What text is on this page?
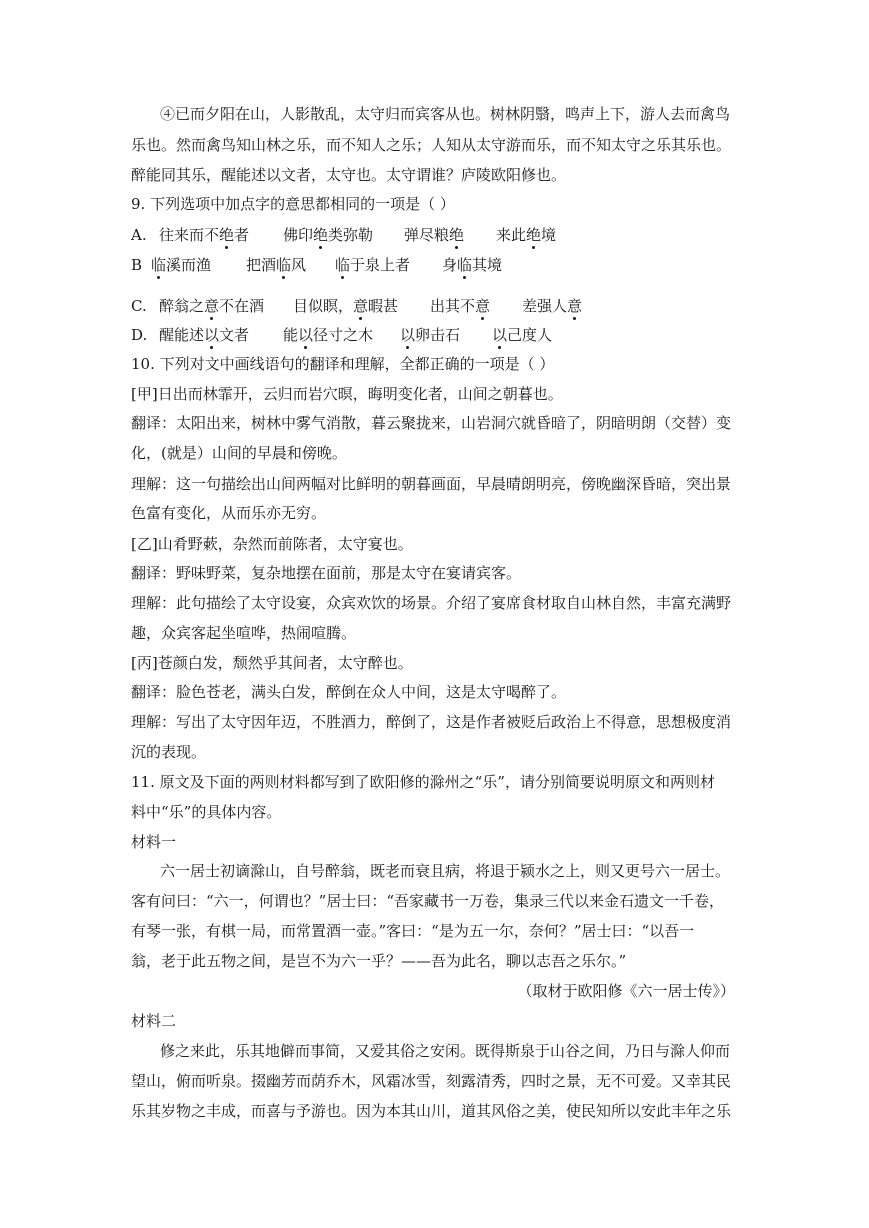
④已而夕阳在山，人影散乱，太守归而宾客从也。树林阴翳，鸣声上下，游人去而禽鸟

乐也。然而禽鸟知山林之乐，而不知人之乐；人知从太守游而乐，而不知太守之乐其乐也。

醉能同其乐，醒能述以文者，太守也。太守谓谁？庐陵欧阳修也。

9. 下列选项中加点字的意思都相同的一项是（ ）

A. 往来而不绝者	佛印绝类弥勒	弹尽粮绝	来此绝境
B 临溪而渔	把酒临风	临于泉上者	身临其境
C. 醉翁之意不在酒	目似瞑，意暇甚	出其不意	差强人意
D. 醒能述以文者	能以径寸之木	以卵击石	以己度人

10. 下列对文中画线语句的翻译和理解，全都正确的一项是（ ）

[甲]日出而林霏开，云归而岩穴暝，晦明变化者，山间之朝暮也。

翻译：太阳出来，树林中雾气消散，暮云聚拢来，山岩洞穴就昏暗了，阴暗明朗（交替）变

化，(就是）山间的早晨和傍晚。

理解：这一句描绘出山间两幅对比鲜明的朝暮画面，早晨晴朗明亮，傍晚幽深昏暗，突出景

色富有变化，从而乐亦无穷。

[乙]山肴野蔌，杂然而前陈者，太守宴也。

翻译：野味野菜，复杂地摆在面前，那是太守在宴请宾客。

理解：此句描绘了太守设宴，众宾欢饮的场景。介绍了宴席食材取自山林自然，丰富充满野

趣，众宾客起坐喧哗，热闹喧腾。

[丙]苍颜白发，颓然乎其间者，太守醉也。

翻译：脸色苍老，满头白发，醉倒在众人中间，这是太守喝醉了。

理解：写出了太守因年迈，不胜酒力，醉倒了，这是作者被贬后政治上不得意，思想极度消

沉的表现。

11. 原文及下面的两则材料都写到了欧阳修的滁州之“乐”，请分别简要说明原文和两则材

料中“乐”的具体内容。

材料一

六一居士初谪滁山，自号醉翁，既老而衰且病，将退于颍水之上，则又更号六一居士。

客有问曰：“六一，何谓也？”居士曰：“吾家藏书一万卷，集录三代以来金石遗文一千卷，

有琴一张，有棋一局，而常置酒一壶。”客曰：“是为五一尔，奈何？”居士曰：“以吾一

翁，老于此五物之间，是岂不为六一乎？——吾为此名，聊以志吾之乐尔。”

（取材于欧阳修《六一居士传》）

材料二

修之来此，乐其地僻而事简，又爱其俗之安闲。既得斯泉于山谷之间，乃日与滁人仰而

望山，俯而听泉。掇幽芳而荫乔木，风霜冰雪，刻露清秀，四时之景，无不可爱。又幸其民

乐其岁物之丰成，而喜与予游也。因为本其山川，道其风俗之美，使民知所以安此丰年之乐
